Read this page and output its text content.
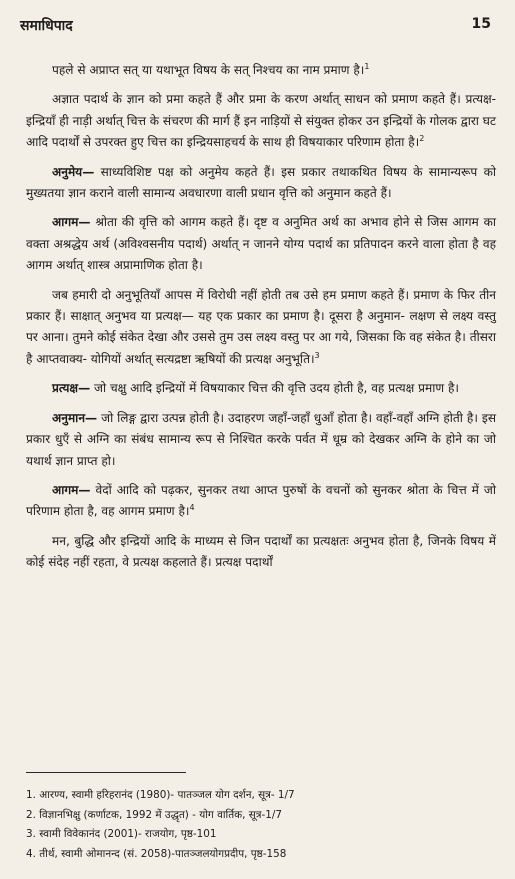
समाधिपाद	15

पहले से अप्राप्त सत् या यथाभूत विषय के सत् निश्चय का नाम प्रमाण है।$^1$

अज्ञात पदार्थ के ज्ञान को प्रमा कहते हैं और प्रमा के करण अर्थात् साधन को प्रमाण कहते हैं। प्रत्यक्ष-इन्द्रियाँ ही नाड़ी अर्थात् चित्त के संचरण की मार्ग हैं इन नाड़ियों से संयुक्त होकर उन इन्द्रियों के गोलक द्वारा घट आदि पदार्थों से उपरक्त हुए चित्त का इन्द्रियसाहचर्य के साथ ही विषयाकार परिणाम होता है।$^2$

अनुमेय— साध्यविशिष्ट पक्ष को अनुमेय कहते हैं। इस प्रकार तथाकथित विषय के सामान्यरूप को मुख्यतया ज्ञान कराने वाली सामान्य अवधारणा वाली प्रधान वृत्ति को अनुमान कहते हैं।

आगम— श्रोता की वृत्ति को आगम कहते हैं। दृष्ट व अनुमित अर्थ का अभाव होने से जिस आगम का वक्ता अश्रद्धेय अर्थ (अविश्वसनीय पदार्थ) अर्थात् न जानने योग्य पदार्थ का प्रतिपादन करने वाला होता है वह आगम अर्थात् शास्त्र अप्रामाणिक होता है।

जब हमारी दो अनुभूतियाँ आपस में विरोधी नहीं होती तब उसे हम प्रमाण कहते हैं। प्रमाण के फिर तीन प्रकार हैं। साक्षात् अनुभव या प्रत्यक्ष— यह एक प्रकार का प्रमाण है। दूसरा है अनुमान- लक्षण से लक्ष्य वस्तु पर आना। तुमने कोई संकेत देखा और उससे तुम उस लक्ष्य वस्तु पर आ गये, जिसका कि वह संकेत है। तीसरा है आप्तवाक्य- योगियों अर्थात् सत्यद्रष्टा ऋषियों की प्रत्यक्ष अनुभूति।$^3$

प्रत्यक्ष— जो चक्षु आदि इन्द्रियों में विषयाकार चित्त की वृत्ति उदय होती है, वह प्रत्यक्ष प्रमाण है।

अनुमान— जो लिङ्ग द्वारा उत्पन्न होती है। उदाहरण जहाँ-जहाँ धुआँ होता है। वहाँ-वहाँ अग्नि होती है। इस प्रकार धुएँ से अग्नि का संबंध सामान्य रूप से निश्चित करके पर्वत में धूम्र को देखकर अग्नि के होने का जो यथार्थ ज्ञान प्राप्त हो।

आगम— वेदों आदि को पढ़कर, सुनकर तथा आप्त पुरुषों के वचनों को सुनकर श्रोता के चित्त में जो परिणाम होता है, वह आगम प्रमाण है।$^4$

मन, बुद्धि और इन्द्रियों आदि के माध्यम से जिन पदार्थों का प्रत्यक्षतः अनुभव होता है, जिनके विषय में कोई संदेह नहीं रहता, वे प्रत्यक्ष कहलाते हैं। प्रत्यक्ष पदार्थों

1. आरण्य, स्वामी हरिहरानंद (1980)- पातञ्जल योग दर्शन, सूत्र- 1/7
2. विज्ञानभिक्षु (कर्णाटक, 1992 में उद्धृत) - योग वार्तिक, सूत्र-1/7
3. स्वामी विवेकानंद (2001)- राजयोग, पृष्ठ-101
4. तीर्थ, स्वामी ओमानन्द (सं. 2058)-पातञ्जलयोगप्रदीप, पृष्ठ-158
